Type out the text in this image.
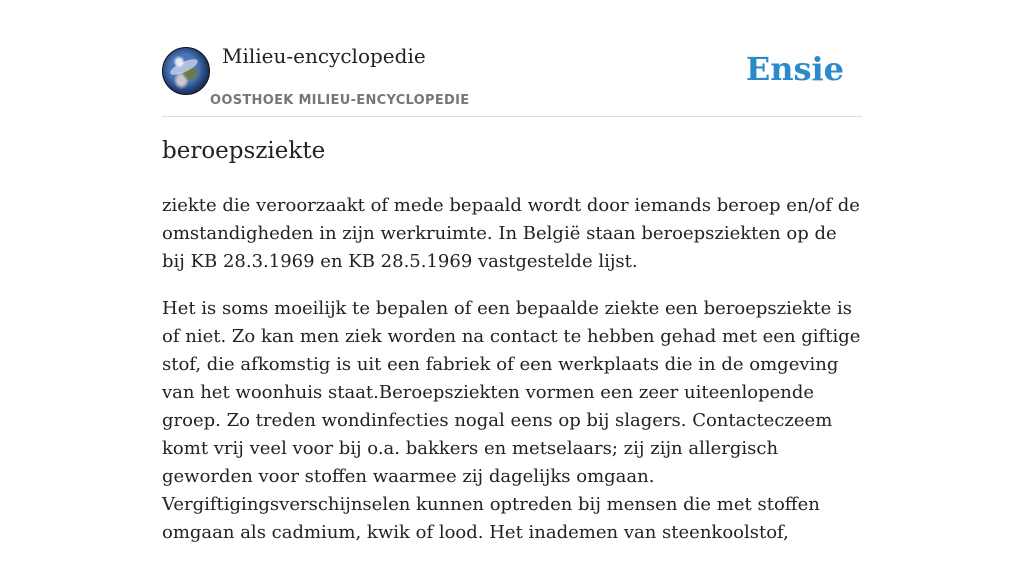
Milieu-encyclopedie
OOSTHOEK MILIEU-ENCYCLOPEDIE
Ensie
beroepsziekte

ziekte die veroorzaakt of mede bepaald wordt door iemands beroep en/of de omstandigheden in zijn werkruimte. In België staan beroepsziekten op de bij KB 28.3.1969 en KB 28.5.1969 vastgestelde lijst.

Het is soms moeilijk te bepalen of een bepaalde ziekte een beroepsziekte is of niet. Zo kan men ziek worden na contact te hebben gehad met een giftige stof, die afkomstig is uit een fabriek of een werkplaats die in de omgeving van het woonhuis staat.Beroepsziekten vormen een zeer uiteenlopende groep. Zo treden wondinfecties nogal eens op bij slagers. Contacteczeem komt vrij veel voor bij o.a. bakkers en metselaars; zij zijn allergisch geworden voor stoffen waarmee zij dagelijks omgaan. Vergiftigingsverschijnselen kunnen optreden bij mensen die met stoffen omgaan als cadmium, kwik of lood. Het inademen van steenkoolstof,
